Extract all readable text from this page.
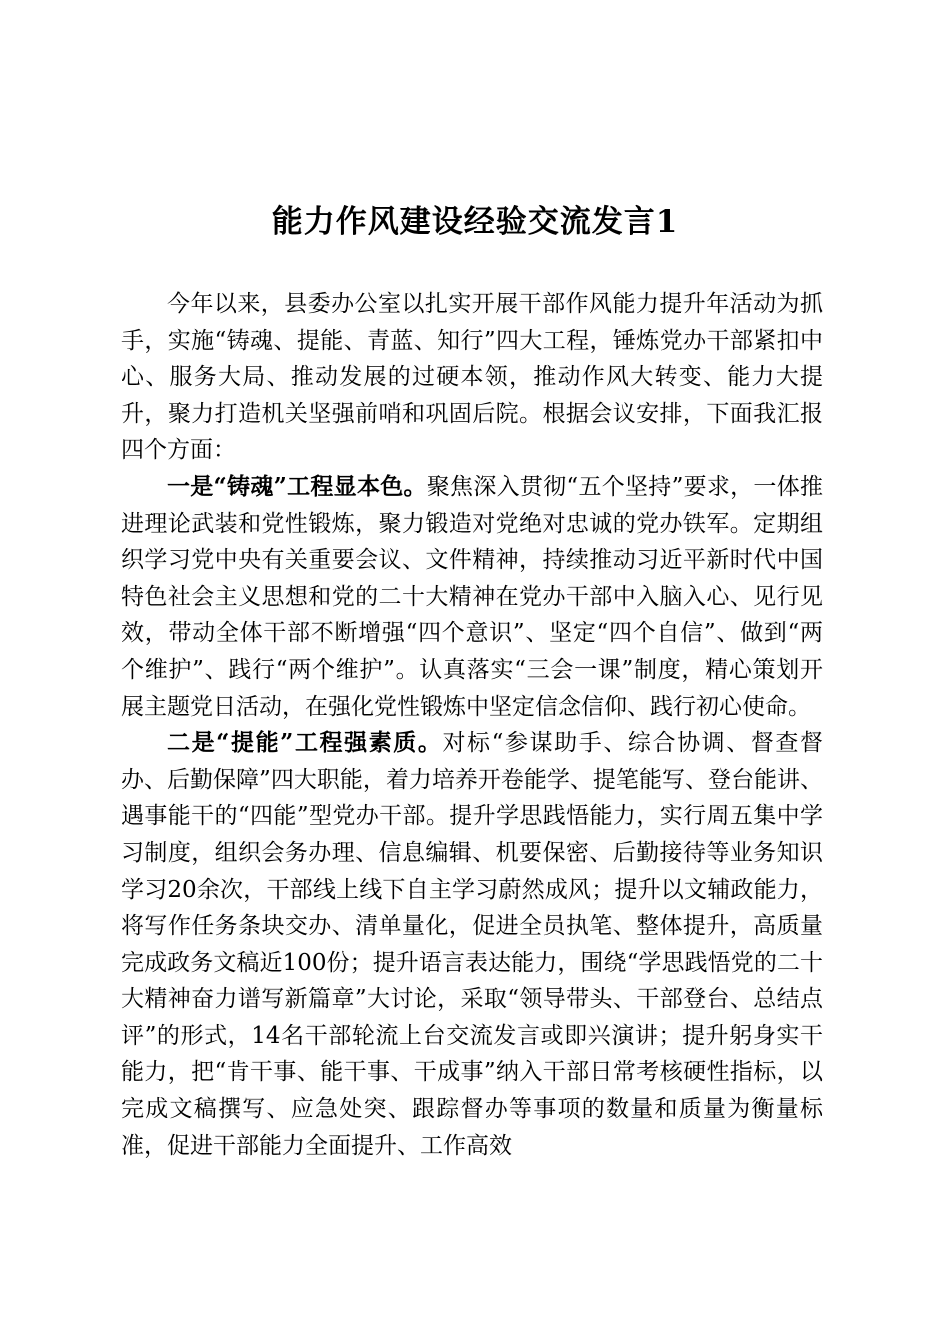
能力作风建设经验交流发言1

今年以来，县委办公室以扎实开展干部作风能力提升年活动为抓手，实施“铸魂、提能、青蓝、知行”四大工程，锤炼党办干部紧扣中心、服务大局、推动发展的过硬本领，推动作风大转变、能力大提升，聚力打造机关坚强前哨和巩固后院。根据会议安排，下面我汇报四个方面：

一是“铸魂”工程显本色。聚焦深入贯彻“五个坚持”要求，一体推进理论武装和党性锻炼，聚力锻造对党绝对忠诚的党办铁军。定期组织学习党中央有关重要会议、文件精神，持续推动习近平新时代中国特色社会主义思想和党的二十大精神在党办干部中入脑入心、见行见效，带动全体干部不断增强“四个意识”、坚定“四个自信”、做到“两个维护”、践行“两个维护”。认真落实“三会一课”制度，精心策划开展主题党日活动，在强化党性锻炼中坚定信念信仰、践行初心使命。

二是“提能”工程强素质。对标“参谋助手、综合协调、督查督办、后勤保障”四大职能，着力培养开卷能学、提笔能写、登台能讲、遇事能干的“四能”型党办干部。提升学思践悟能力，实行周五集中学习制度，组织会务办理、信息编辑、机要保密、后勤接待等业务知识学习20余次，干部线上线下自主学习蔚然成风；提升以文辅政能力，将写作任务条块交办、清单量化，促进全员执笔、整体提升，高质量完成政务文稿近100份；提升语言表达能力，围绕“学思践悟党的二十大精神奋力谱写新篇章”大讨论，采取“领导带头、干部登台、总结点评”的形式，14名干部轮流上台交流发言或即兴演讲；提升躬身实干能力，把“肯干事、能干事、干成事”纳入干部日常考核硬性指标，以完成文稿撰写、应急处突、跟踪督办等事项的数量和质量为衡量标准，促进干部能力全面提升、工作高效
